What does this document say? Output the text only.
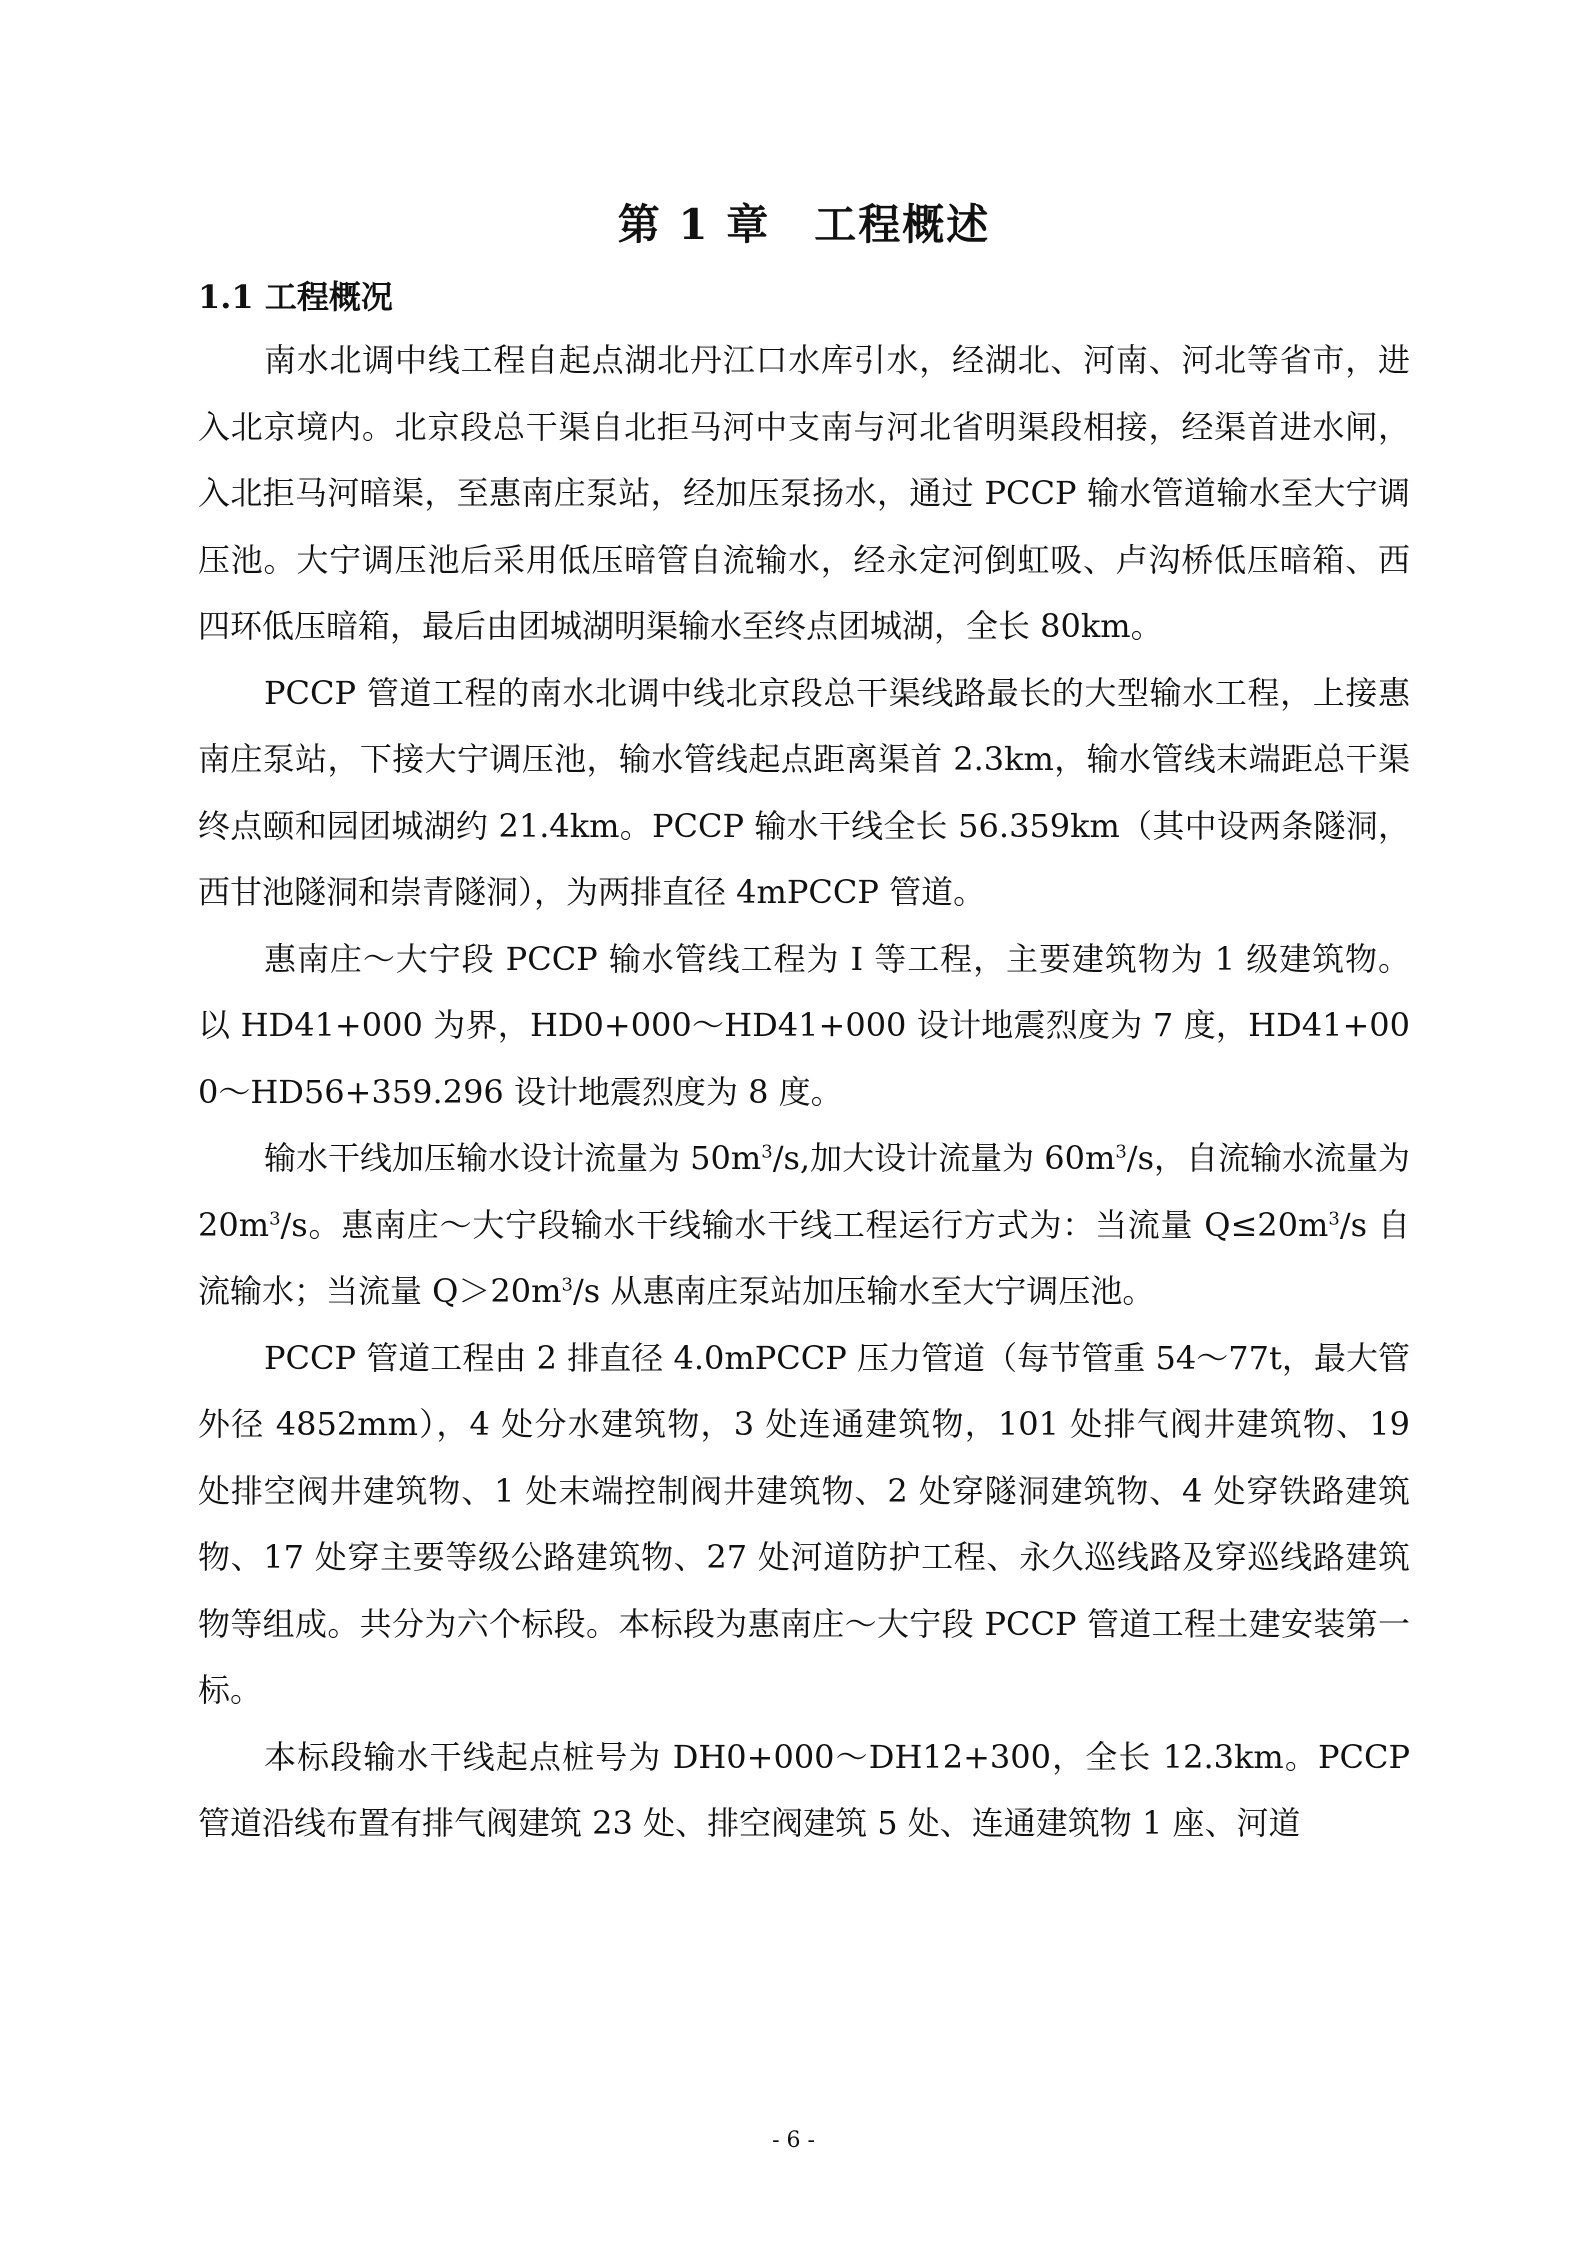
第 1 章 工程概述
1.1 工程概况

南水北调中线工程自起点湖北丹江口水库引水，经湖北、河南、河北等省市，进入北京境内。北京段总干渠自北拒马河中支南与河北省明渠段相接，经渠首进水闸，入北拒马河暗渠，至惠南庄泵站，经加压泵扬水，通过 PCCP 输水管道输水至大宁调压池。大宁调压池后采用低压暗管自流输水，经永定河倒虹吸、卢沟桥低压暗箱、西四环低压暗箱，最后由团城湖明渠输水至终点团城湖，全长 80km。

PCCP 管道工程的南水北调中线北京段总干渠线路最长的大型输水工程，上接惠南庄泵站，下接大宁调压池，输水管线起点距离渠首 2.3km，输水管线末端距总干渠终点颐和园团城湖约 21.4km。PCCP 输水干线全长 56.359km（其中设两条隧洞，西甘池隧洞和崇青隧洞），为两排直径 4mPCCP 管道。

惠南庄～大宁段 PCCP 输水管线工程为 I 等工程，主要建筑物为 1 级建筑物。以 HD41+000 为界，HD0+000～HD41+000 设计地震烈度为 7 度，HD41+000～HD56+359.296 设计地震烈度为 8 度。

输水干线加压输水设计流量为 $50m^3/s$,加大设计流量为 $60m^3/s$，自流输水流量为 $20m^3/s$。惠南庄～大宁段输水干线输水干线工程运行方式为：当流量 $Q\le 20m^3/s$ 自流输水；当流量 $Q>20m^3/s$ 从惠南庄泵站加压输水至大宁调压池。

PCCP 管道工程由 2 排直径 4.0mPCCP 压力管道（每节管重 54～77t，最大管外径 4852mm），4 处分水建筑物，3 处连通建筑物，101 处排气阀井建筑物、19 处排空阀井建筑物、1 处末端控制阀井建筑物、2 处穿隧洞建筑物、4 处穿铁路建筑物、17 处穿主要等级公路建筑物、27 处河道防护工程、永久巡线路及穿巡线路建筑物等组成。共分为六个标段。本标段为惠南庄～大宁段 PCCP 管道工程土建安装第一标。

本标段输水干线起点桩号为 DH0+000～DH12+300，全长 12.3km。PCCP 管道沿线布置有排气阀建筑 23 处、排空阀建筑 5 处、连通建筑物 1 座、河道

- 6 -
